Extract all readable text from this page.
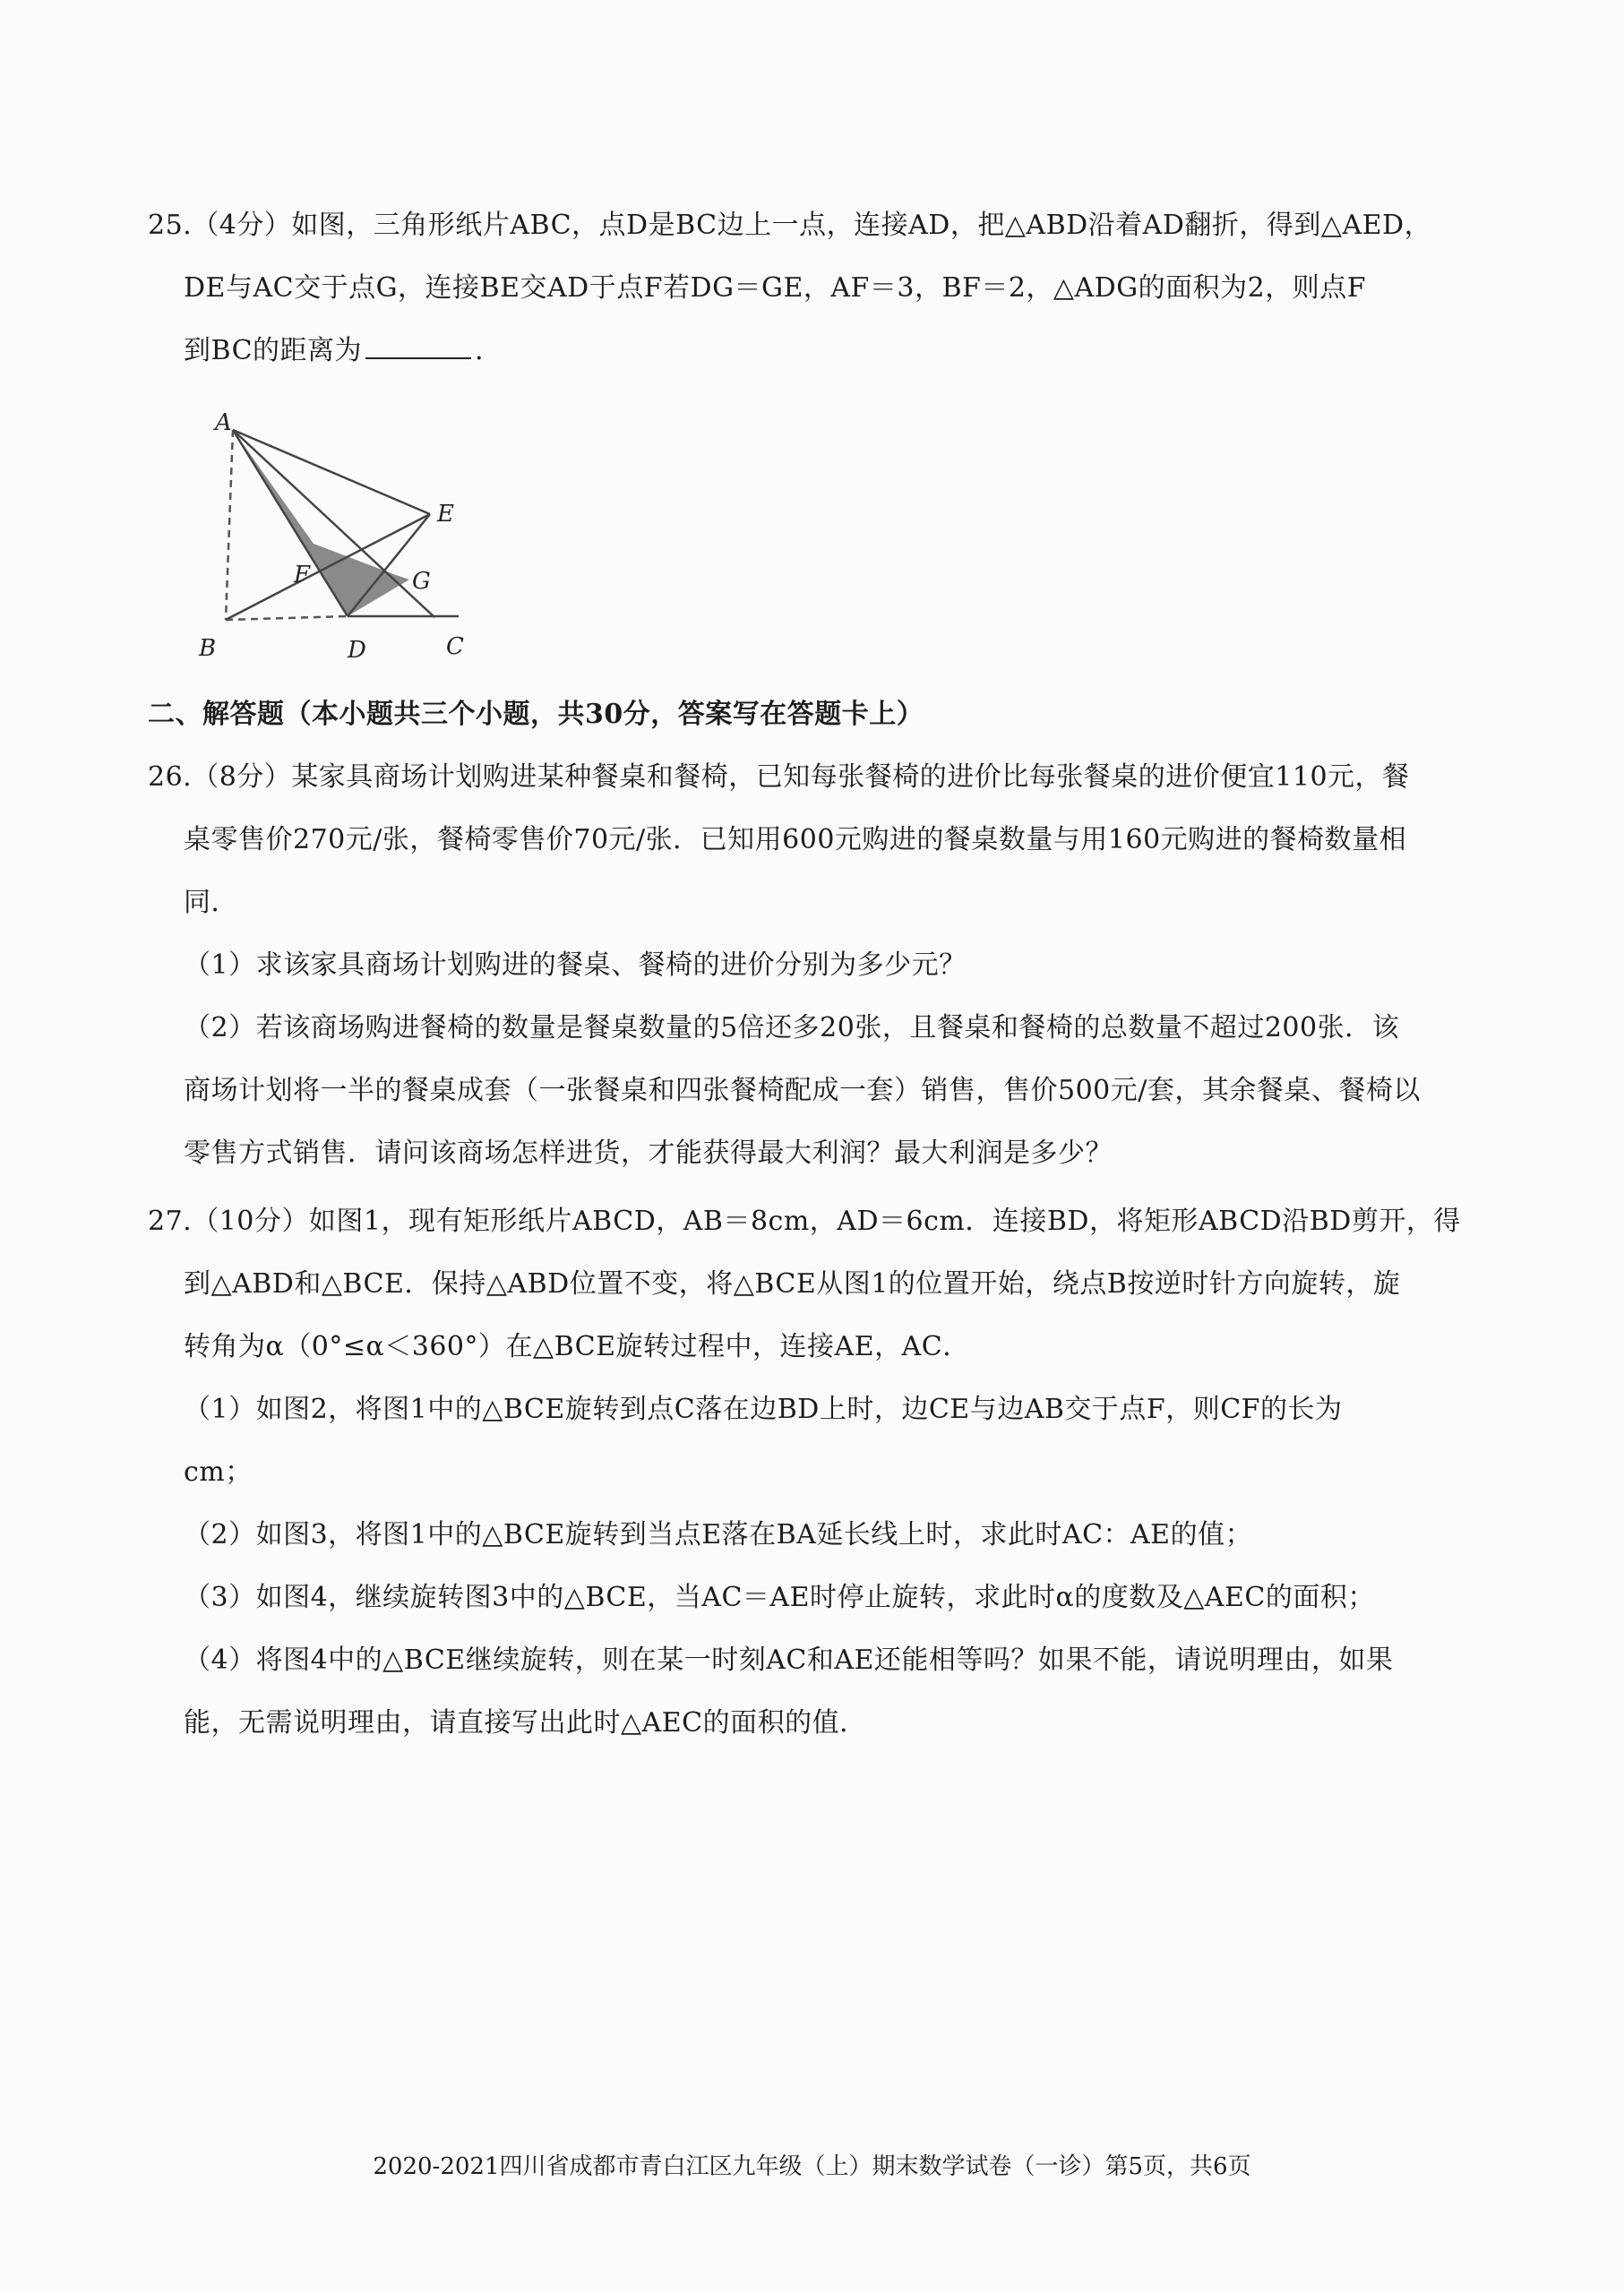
25.（4分）如图，三角形纸片ABC，点D是BC边上一点，连接AD，把△ABD沿着AD翻折，得到△AED，
DE与AC交于点G，连接BE交AD于点F若DG＝GE，AF＝3，BF＝2，△ADG的面积为2，则点F
到BC的距离为	．
A
E
F	G
B	D	C
二、解答题（本小题共三个小题，共30分，答案写在答题卡上）
26.（8分）某家具商场计划购进某种餐桌和餐椅，已知每张餐椅的进价比每张餐桌的进价便宜110元，餐
桌零售价270元/张，餐椅零售价70元/张．已知用600元购进的餐桌数量与用160元购进的餐椅数量相
同．
（1）求该家具商场计划购进的餐桌、餐椅的进价分别为多少元？
（2）若该商场购进餐椅的数量是餐桌数量的5倍还多20张，且餐桌和餐椅的总数量不超过200张．该
商场计划将一半的餐桌成套（一张餐桌和四张餐椅配成一套）销售，售价500元/套，其余餐桌、餐椅以
零售方式销售．请问该商场怎样进货，才能获得最大利润？最大利润是多少？
27.（10分）如图1，现有矩形纸片ABCD，AB＝8cm，AD＝6cm．连接BD，将矩形ABCD沿BD剪开，得
到△ABD和△BCE．保持△ABD位置不变，将△BCE从图1的位置开始，绕点B按逆时针方向旋转，旋
转角为α（0°≤α＜360°）在△BCE旋转过程中，连接AE，AC．
（1）如图2，将图1中的△BCE旋转到点C落在边BD上时，边CE与边AB交于点F，则CF的长为
cm；
（2）如图3，将图1中的△BCE旋转到当点E落在BA延长线上时，求此时AC：AE的值；
（3）如图4，继续旋转图3中的△BCE，当AC＝AE时停止旋转，求此时α的度数及△AEC的面积；
（4）将图4中的△BCE继续旋转，则在某一时刻AC和AE还能相等吗？如果不能，请说明理由，如果
能，无需说明理由，请直接写出此时△AEC的面积的值．
2020-2021四川省成都市青白江区九年级（上）期末数学试卷（一诊）第5页，共6页
